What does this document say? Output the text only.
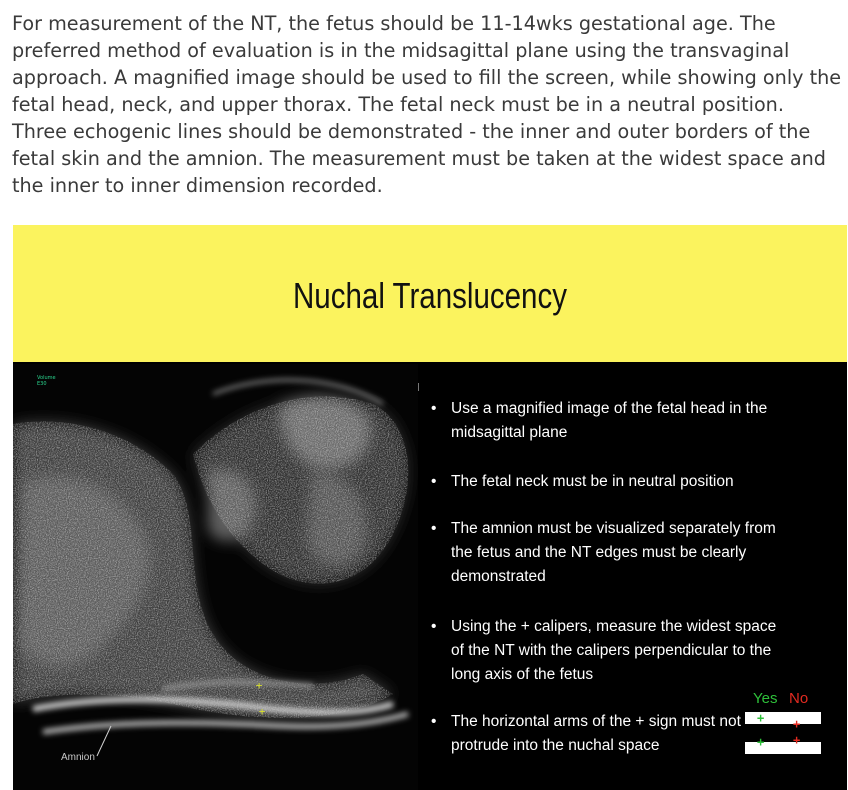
For measurement of the NT, the fetus should be 11-14wks gestational age. The preferred method of evaluation is in the midsagittal plane using the transvaginal approach. A magnified image should be used to fill the screen, while showing only the fetal head, neck, and upper thorax. The fetal neck must be in a neutral position. Three echogenic lines should be demonstrated - the inner and outer borders of the fetal skin and the amnion. The measurement must be taken at the widest space and the inner to inner dimension recorded.

Nuchal Translucency
+
+
Volume
E30
Amnion
• Use a magnified image of the fetal head in the midsagittal plane
• The fetal neck must be in neutral position
• The amnion must be visualized separately from the fetus and the NT edges must be clearly demonstrated
• Using the + calipers, measure the widest space of the NT with the calipers perpendicular to the long axis of the fetus
• The horizontal arms of the + sign must not protrude into the nuchal space
Yes No
+ +
+ +
